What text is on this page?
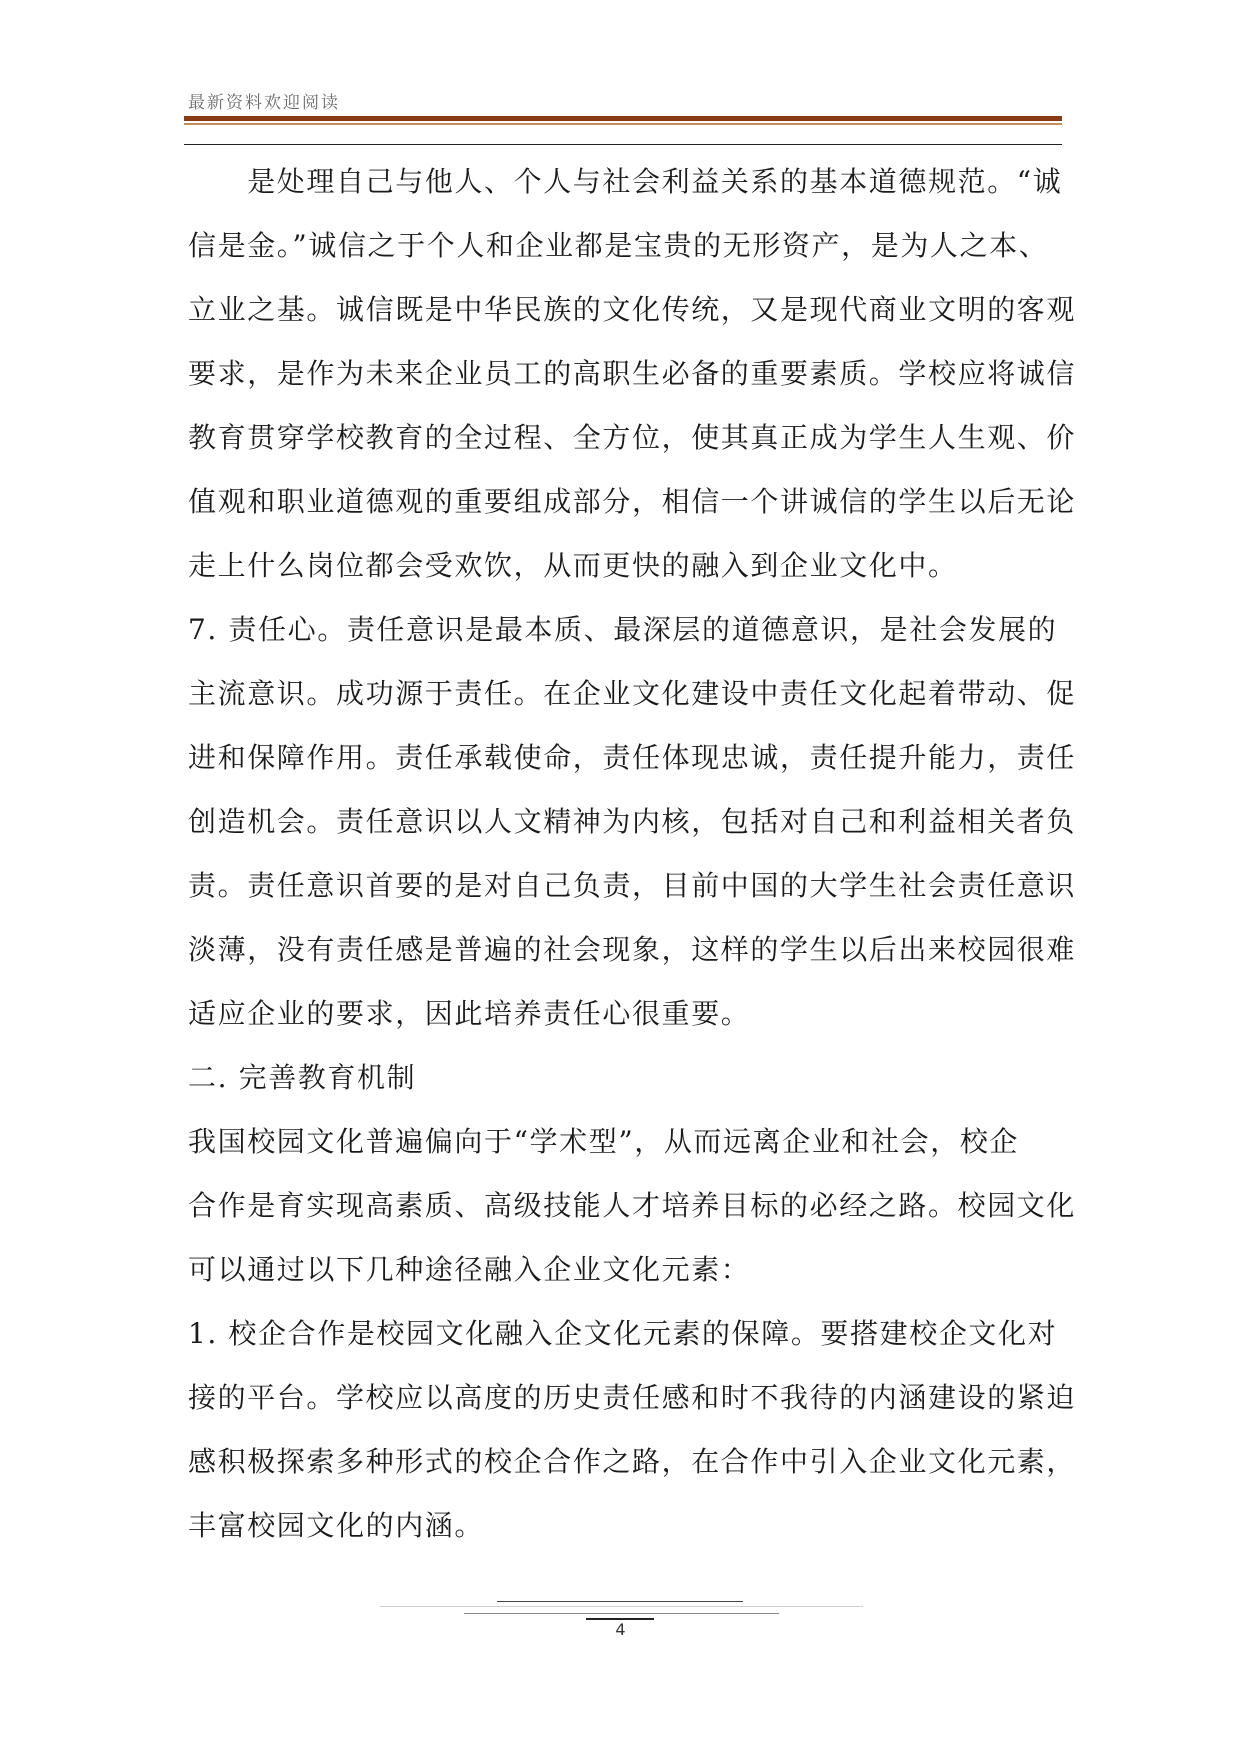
最新资料欢迎阅读
　　是处理自己与他人、个人与社会利益关系的基本道德规范。“诚
信是金。”诚信之于个人和企业都是宝贵的无形资产，是为人之本、
立业之基。诚信既是中华民族的文化传统，又是现代商业文明的客观
要求，是作为未来企业员工的高职生必备的重要素质。学校应将诚信
教育贯穿学校教育的全过程、全方位，使其真正成为学生人生观、价
值观和职业道德观的重要组成部分，相信一个讲诚信的学生以后无论
走上什么岗位都会受欢饮，从而更快的融入到企业文化中。
7. 责任心。责任意识是最本质、最深层的道德意识，是社会发展的
主流意识。成功源于责任。在企业文化建设中责任文化起着带动、促
进和保障作用。责任承载使命，责任体现忠诚，责任提升能力，责任
创造机会。责任意识以人文精神为内核，包括对自己和利益相关者负
责。责任意识首要的是对自己负责，目前中国的大学生社会责任意识
淡薄，没有责任感是普遍的社会现象，这样的学生以后出来校园很难
适应企业的要求，因此培养责任心很重要。
二. 完善教育机制
我国校园文化普遍偏向于“学术型”，从而远离企业和社会，校企
合作是育实现高素质、高级技能人才培养目标的必经之路。校园文化
可以通过以下几种途径融入企业文化元素：
1. 校企合作是校园文化融入企文化元素的保障。要搭建校企文化对
接的平台。学校应以高度的历史责任感和时不我待的内涵建设的紧迫
感积极探索多种形式的校企合作之路，在合作中引入企业文化元素，
丰富校园文化的内涵。
4
